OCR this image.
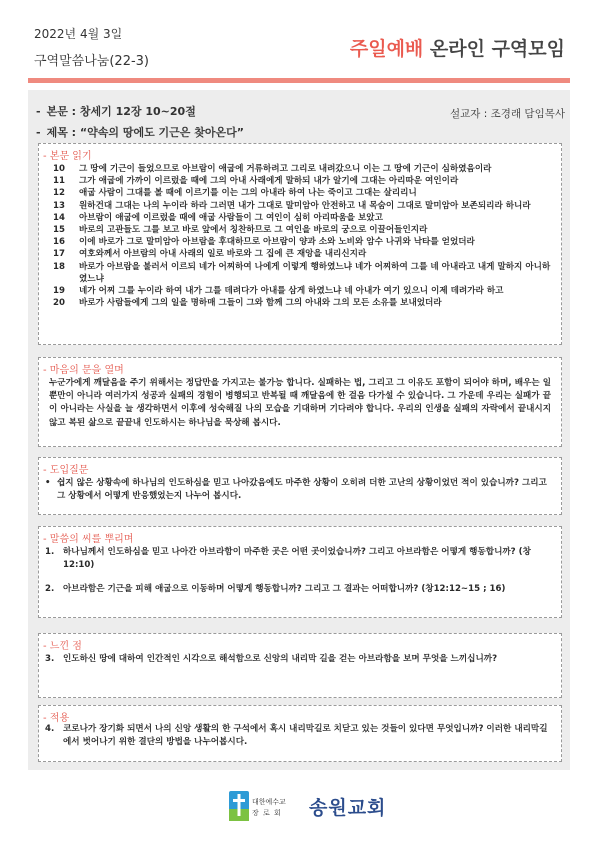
2022년 4월 3일
구역말씀나눔(22-3)
주일예배 온라인 구역모임
- 본문 : 창세기 12장 10~20절	설교자 : 조경래 담임목사
- 제목 : “약속의 땅에도 기근은 찾아온다”
- 본문 읽기
10	그 땅에 기근이 들었으므로 아브람이 애굽에 거류하려고 그리로 내려갔으니 이는 그 땅에 기근이 심하였음이라
11	그가 애굽에 가까이 이르렀을 때에 그의 아내 사래에게 말하되 내가 알기에 그대는 아리따운 여인이라
12	애굽 사람이 그대를 볼 때에 이르기를 이는 그의 아내라 하여 나는 죽이고 그대는 살리리니
13	원하건대 그대는 나의 누이라 하라 그러면 내가 그대로 말미암아 안전하고 내 목숨이 그대로 말미암아 보존되리라 하니라
14	아브람이 애굽에 이르렀을 때에 애굽 사람들이 그 여인이 심히 아리따움을 보았고
15	바로의 고관들도 그를 보고 바로 앞에서 칭찬하므로 그 여인을 바로의 궁으로 이끌어들인지라
16	이에 바로가 그로 말미암아 아브람을 후대하므로 아브람이 양과 소와 노비와 암수 나귀와 낙타를 얻었더라
17	여호와께서 아브람의 아내 사래의 일로 바로와 그 집에 큰 재앙을 내리신지라
18	바로가 아브람을 불러서 이르되 네가 어찌하여 나에게 이렇게 행하였느냐 네가 어찌하여 그를 네 아내라고 내게 말하지 아니하였느냐
19	네가 어찌 그를 누이라 하여 내가 그를 데려다가 아내를 삼게 하였느냐 네 아내가 여기 있으니 이제 데려가라 하고
20	바로가 사람들에게 그의 일을 명하매 그들이 그와 함께 그의 아내와 그의 모든 소유를 보내었더라
- 마음의 문을 열며

누군가에게 깨달음을 주기 위해서는 정답만을 가지고는 불가능 합니다. 실패하는 법, 그리고 그 이유도 포함이 되어야 하며, 배우는 일 뿐만이 아니라 여러가지 성공과 실패의 경험이 병행되고 반복될 때 깨달음에 한 걸음 다가설 수 있습니다. 그 가운데 우리는 실패가 끝이 아니라는 사실을 늘 생각하면서 이후에 성숙해질 나의 모습을 기대하며 기다려야 합니다. 우리의 인생을 실패의 자락에서 끝내시지 않고 복된 삶으로 끝끝내 인도하시는 하나님을 묵상해 봅시다.

- 도입질문
• 쉽지 않은 상황속에 하나님의 인도하심을 믿고 나아갔음에도 마주한 상황이 오히려 더한 고난의 상황이었던 적이 있습니까? 그리고 그 상황에서 어떻게 반응했었는지 나누어 봅시다.
- 말씀의 씨를 뿌리며
1.	하나님께서 인도하심을 믿고 나아간 아브라함이 마주한 곳은 어떤 곳이었습니까? 그리고 아브라함은 어떻게 행동합니까? (창12:10)
2.	아브라함은 기근을 피해 애굽으로 이동하며 어떻게 행동합니까? 그리고 그 결과는 어떠합니까? (창12:12~15 ; 16)
- 느낀 점
3.	인도하신 땅에 대하여 인간적인 시각으로 해석함으로 신앙의 내리막 길을 걷는 아브라함을 보며 무엇을 느끼십니까?
- 적용
4.	코로나가 장기화 되면서 나의 신앙 생활의 한 구석에서 혹시 내리막길로 치닫고 있는 것들이 있다면 무엇입니까? 이러한 내리막길에서 벗어나기 위한 결단의 방법을 나누어봅시다.
대한예수교
장 로 회 송원교회
